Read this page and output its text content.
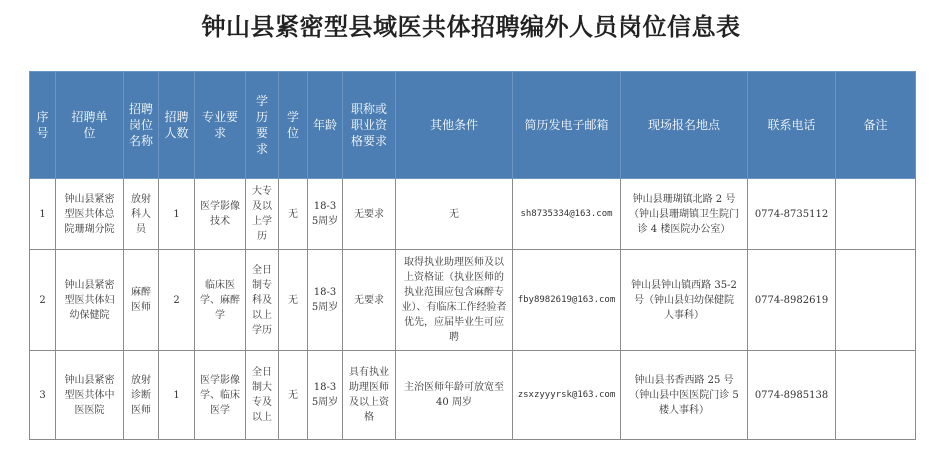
钟山县紧密型县域医共体招聘编外人员岗位信息表
序号	招聘单位	招聘岗位名称	招聘人数	专业要求	学历要求	学位	年龄	职称或职业资格要求	其他条件	简历发电子邮箱	现场报名地点	联系电话	备注
1	钟山县紧密型医共体总院珊瑚分院	放射科人员	1	医学影像技术	大专及以上学历	无	18-35周岁	无要求	无	sh8735334@163.com	钟山县珊瑚镇北路 2 号（钟山县珊瑚镇卫生院门诊 4 楼医院办公室）	0774-8735112	
2	钟山县紧密型医共体妇幼保健院	麻醉医师	2	临床医学、麻醉学	全日制专科及以上学历	无	18-35周岁	无要求	取得执业助理医师及以上资格证（执业医师的执业范围应包含麻醉专业）、有临床工作经验者优先，应届毕业生可应聘	fby8982619@163.com	钟山县钟山镇西路 35-2 号（钟山县妇幼保健院人事科）	0774-8982619	
3	钟山县紧密型医共体中医医院	放射诊断医师	1	医学影像学、临床医学	全日制大专及以上	无	18-35周岁	具有执业助理医师及以上资格	主治医师年龄可放宽至 40 周岁	zsxzyyyrsk@163.com	钟山县书香西路 25 号（钟山县中医医院门诊 5 楼人事科）	0774-8985138	
